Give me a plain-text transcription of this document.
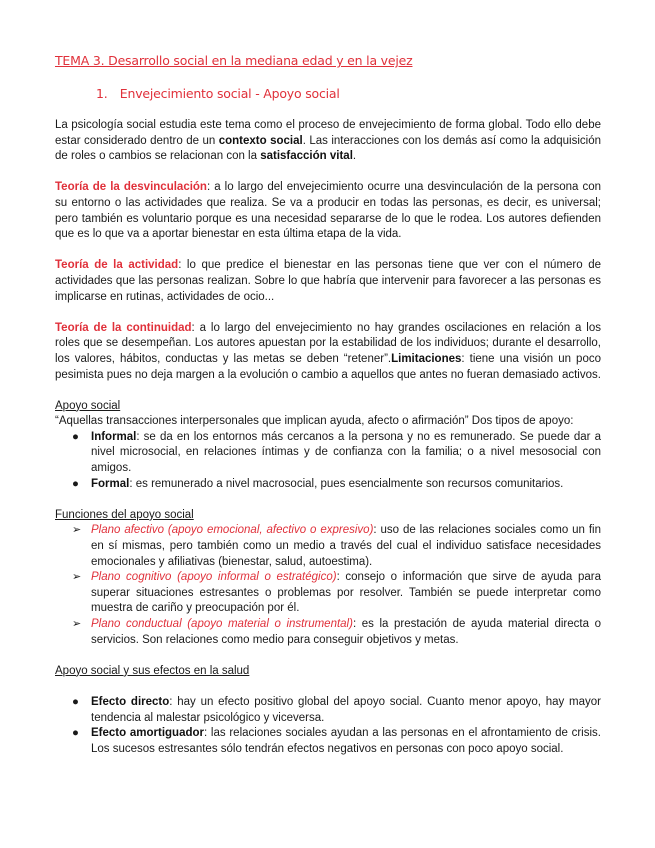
TEMA 3. Desarrollo social en la mediana edad y en la vejez
1. Envejecimiento social - Apoyo social

La psicología social estudia este tema como el proceso de envejecimiento de forma global. Todo ello debe estar considerado dentro de un contexto social. Las interacciones con los demás así como la adquisición de roles o cambios se relacionan con la satisfacción vital.

Teoría de la desvinculación: a lo largo del envejecimiento ocurre una desvinculación de la persona con su entorno o las actividades que realiza. Se va a producir en todas las personas, es decir, es universal; pero también es voluntario porque es una necesidad separarse de lo que le rodea. Los autores defienden que es lo que va a aportar bienestar en esta última etapa de la vida.

Teoría de la actividad: lo que predice el bienestar en las personas tiene que ver con el número de actividades que las personas realizan. Sobre lo que habría que intervenir para favorecer a las personas es implicarse en rutinas, actividades de ocio...

Teoría de la continuidad: a lo largo del envejecimiento no hay grandes oscilaciones en relación a los roles que se desempeñan. Los autores apuestan por la estabilidad de los individuos; durante el desarrollo, los valores, hábitos, conductas y las metas se deben “retener”.Limitaciones: tiene una visión un poco pesimista pues no deja margen a la evolución o cambio a aquellos que antes no fueran demasiado activos.

Apoyo social
“Aquellas transacciones interpersonales que implican ayuda, afecto o afirmación” Dos tipos de apoyo:
● Informal: se da en los entornos más cercanos a la persona y no es remunerado. Se puede dar a nivel microsocial, en relaciones íntimas y de confianza con la familia; o a nivel mesosocial con amigos.
● Formal: es remunerado a nivel macrosocial, pues esencialmente son recursos comunitarios.
Funciones del apoyo social
➢ Plano afectivo (apoyo emocional, afectivo o expresivo): uso de las relaciones sociales como un fin en sí mismas, pero también como un medio a través del cual el individuo satisface necesidades emocionales y afiliativas (bienestar, salud, autoestima).
➢ Plano cognitivo (apoyo informal o estratégico): consejo o información que sirve de ayuda para superar situaciones estresantes o problemas por resolver. También se puede interpretar como muestra de cariño y preocupación por él.
➢ Plano conductual (apoyo material o instrumental): es la prestación de ayuda material directa o servicios. Son relaciones como medio para conseguir objetivos y metas.
Apoyo social y sus efectos en la salud
● Efecto directo: hay un efecto positivo global del apoyo social. Cuanto menor apoyo, hay mayor tendencia al malestar psicológico y viceversa.
● Efecto amortiguador: las relaciones sociales ayudan a las personas en el afrontamiento de crisis. Los sucesos estresantes sólo tendrán efectos negativos en personas con poco apoyo social.
